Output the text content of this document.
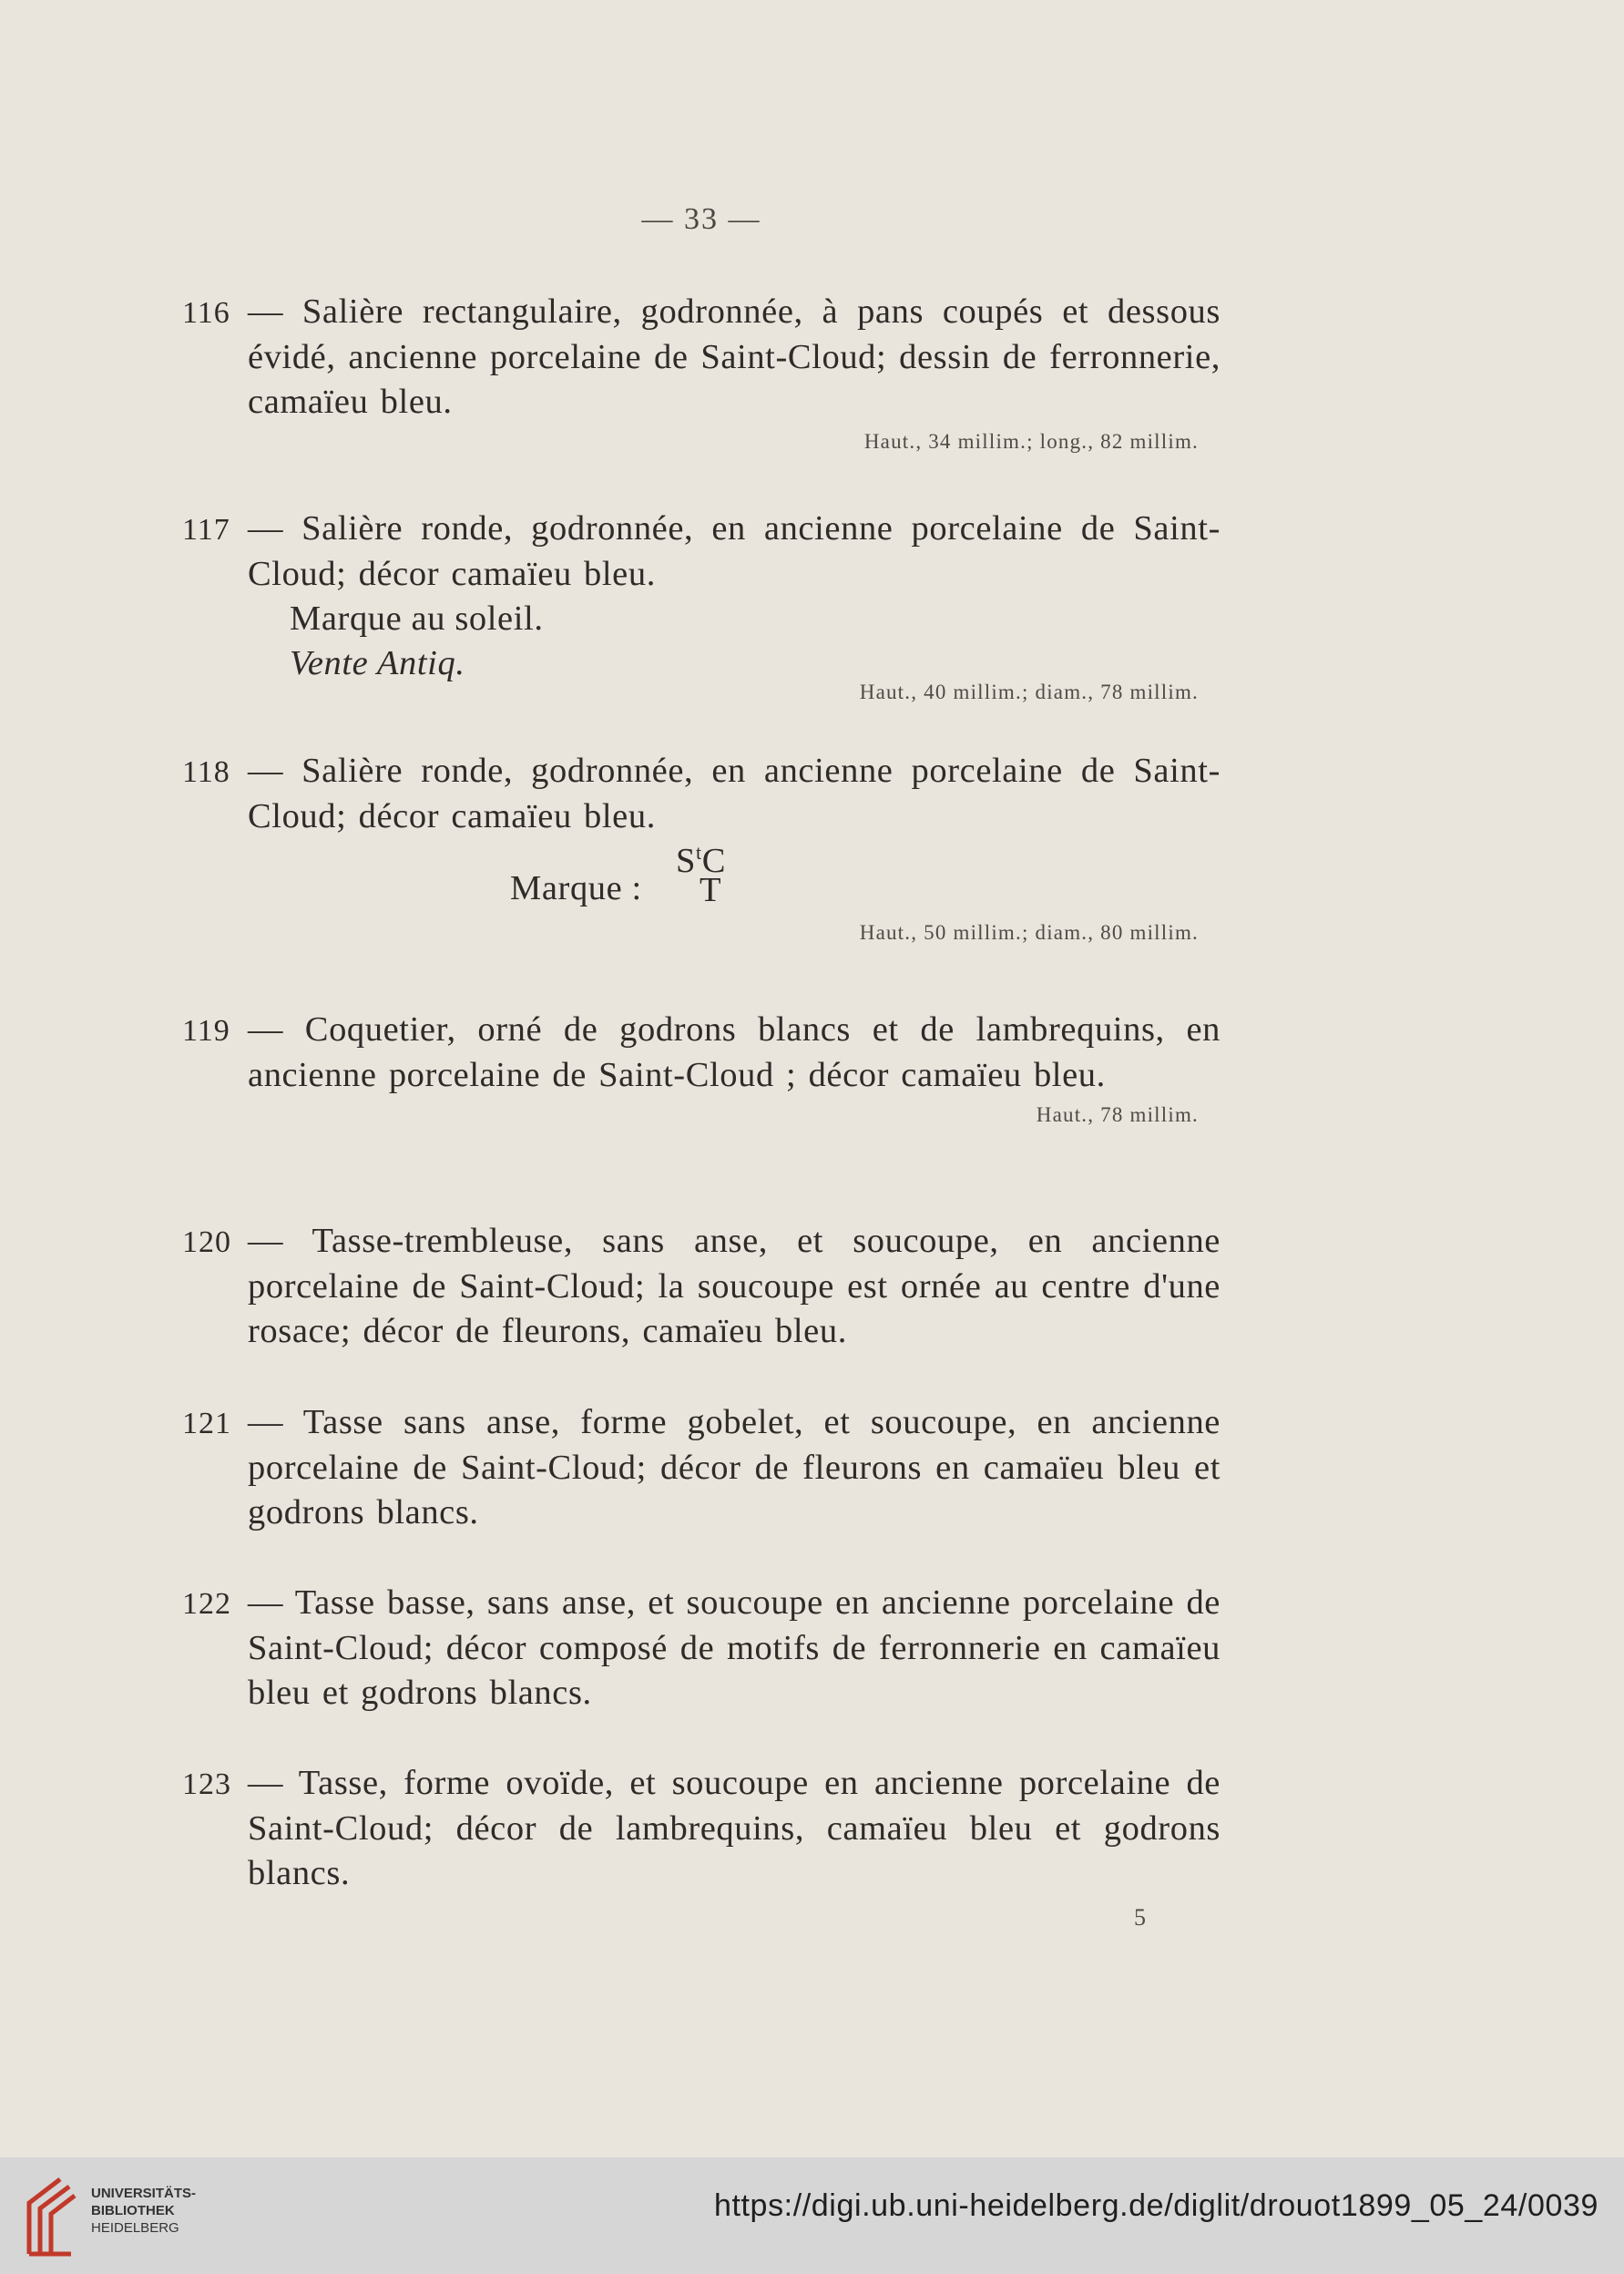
— 33 —
116 — Salière rectangulaire, godronnée, à pans coupés et dessous évidé, ancienne porcelaine de Saint-Cloud; dessin de ferronnerie, camaïeu bleu.
Haut., 34 millim.; long., 82 millim.
117 — Salière ronde, godronnée, en ancienne porcelaine de Saint-Cloud; décor camaïeu bleu.
Marque au soleil.
Vente Antiq.
Haut., 40 millim.; diam., 78 millim.
118 — Salière ronde, godronnée, en ancienne porcelaine de Saint-Cloud; décor camaïeu bleu.
Marque :
$S^tC$
T
Haut., 50 millim.; diam., 80 millim.
119 — Coquetier, orné de godrons blancs et de lambrequins, en ancienne porcelaine de Saint-Cloud ; décor camaïeu bleu.
Haut., 78 millim.
120 — Tasse-trembleuse, sans anse, et soucoupe, en ancienne porcelaine de Saint-Cloud; la soucoupe est ornée au centre d'une rosace; décor de fleurons, camaïeu bleu.
121 — Tasse sans anse, forme gobelet, et soucoupe, en ancienne porcelaine de Saint-Cloud; décor de fleurons en camaïeu bleu et godrons blancs.
122 — Tasse basse, sans anse, et soucoupe en ancienne porcelaine de Saint-Cloud; décor composé de motifs de ferronnerie en camaïeu bleu et godrons blancs.
123 — Tasse, forme ovoïde, et soucoupe en ancienne porcelaine de Saint-Cloud; décor de lambrequins, camaïeu bleu et godrons blancs.
5
UNIVERSITÄTS-
BIBLIOTHEK
HEIDELBERG
https://digi.ub.uni-heidelberg.de/diglit/drouot1899_05_24/0039
